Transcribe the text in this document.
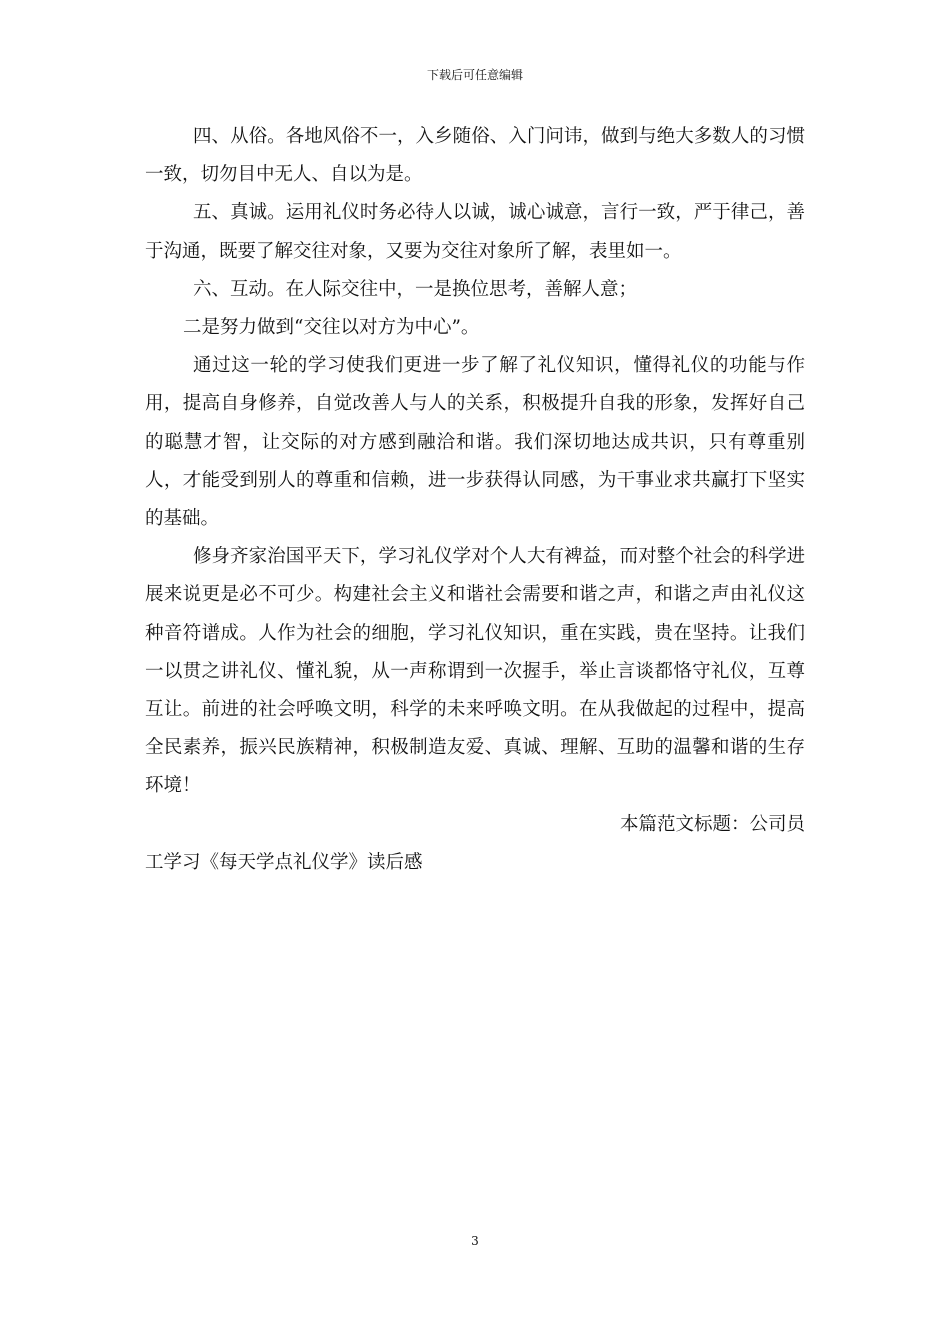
下载后可任意编辑

四、从俗。各地风俗不一，入乡随俗、入门问讳，做到与绝大多数人的习惯一致，切勿目中无人、自以为是。

五、真诚。运用礼仪时务必待人以诚，诚心诚意，言行一致，严于律己，善于沟通，既要了解交往对象，又要为交往对象所了解，表里如一。

六、互动。在人际交往中，一是换位思考，善解人意；

二是努力做到“交往以对方为中心”。

通过这一轮的学习使我们更进一步了解了礼仪知识，懂得礼仪的功能与作用，提高自身修养，自觉改善人与人的关系，积极提升自我的形象，发挥好自己的聪慧才智，让交际的对方感到融洽和谐。我们深切地达成共识，只有尊重别人，才能受到别人的尊重和信赖，进一步获得认同感，为干事业求共赢打下坚实的基础。

修身齐家治国平天下，学习礼仪学对个人大有裨益，而对整个社会的科学进展来说更是必不可少。构建社会主义和谐社会需要和谐之声，和谐之声由礼仪这种音符谱成。人作为社会的细胞，学习礼仪知识，重在实践，贵在坚持。让我们一以贯之讲礼仪、懂礼貌，从一声称谓到一次握手，举止言谈都恪守礼仪，互尊互让。前进的社会呼唤文明，科学的未来呼唤文明。在从我做起的过程中，提高全民素养，振兴民族精神，积极制造友爱、真诚、理解、互助的温馨和谐的生存环境！

本篇范文标题：公司员

工学习《每天学点礼仪学》读后感

3
